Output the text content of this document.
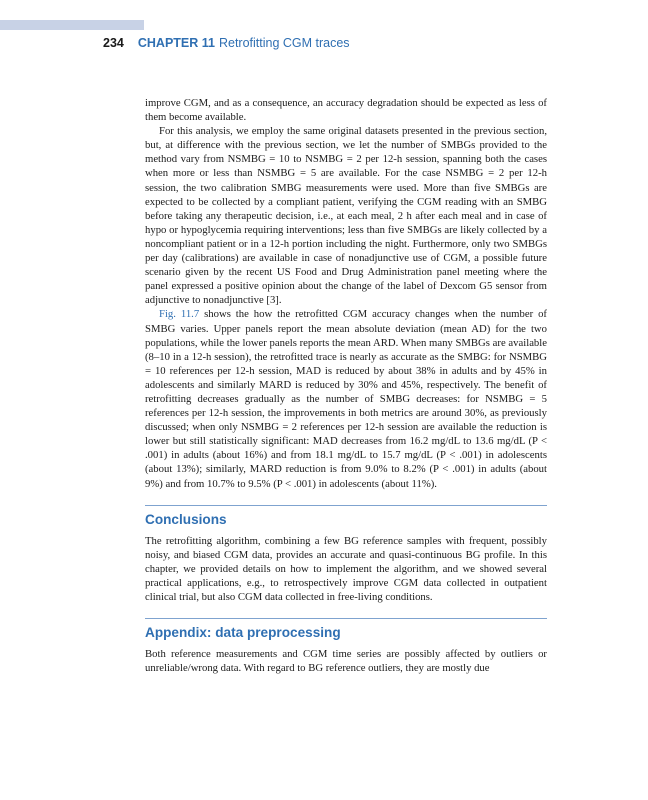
234 CHAPTER 11 Retrofitting CGM traces

improve CGM, and as a consequence, an accuracy degradation should be expected as less of them become available.

For this analysis, we employ the same original datasets presented in the previous section, but, at difference with the previous section, we let the number of SMBGs provided to the method vary from NSMBG = 10 to NSMBG = 2 per 12-h session, spanning both the cases when more or less than NSMBG = 5 are available. For the case NSMBG = 2 per 12-h session, the two calibration SMBG measurements were used. More than five SMBGs are expected to be collected by a compliant patient, verifying the CGM reading with an SMBG before taking any therapeutic decision, i.e., at each meal, 2 h after each meal and in case of hypo or hypoglycemia requiring interventions; less than five SMBGs are likely collected by a noncompliant patient or in a 12-h portion including the night. Furthermore, only two SMBGs per day (calibrations) are available in case of nonadjunctive use of CGM, a possible future scenario given by the recent US Food and Drug Administration panel meeting where the panel expressed a positive opinion about the change of the label of Dexcom G5 sensor from adjunctive to nonadjunctive [3].

Fig. 11.7 shows the how the retrofitted CGM accuracy changes when the number of SMBG varies. Upper panels report the mean absolute deviation (mean AD) for the two populations, while the lower panels reports the mean ARD. When many SMBGs are available (8–10 in a 12-h session), the retrofitted trace is nearly as accurate as the SMBG: for NSMBG = 10 references per 12-h session, MAD is reduced by about 38% in adults and by 45% in adolescents and similarly MARD is reduced by 30% and 45%, respectively. The benefit of retrofitting decreases gradually as the number of SMBG decreases: for NSMBG = 5 references per 12-h session, the improvements in both metrics are around 30%, as previously discussed; when only NSMBG = 2 references per 12-h session are available the reduction is lower but still statistically significant: MAD decreases from 16.2 mg/dL to 13.6 mg/dL (P < .001) in adults (about 16%) and from 18.1 mg/dL to 15.7 mg/dL (P < .001) in adolescents (about 13%); similarly, MARD reduction is from 9.0% to 8.2% (P < .001) in adults (about 9%) and from 10.7% to 9.5% (P < .001) in adolescents (about 11%).

Conclusions

The retrofitting algorithm, combining a few BG reference samples with frequent, possibly noisy, and biased CGM data, provides an accurate and quasi-continuous BG profile. In this chapter, we provided details on how to implement the algorithm, and we showed several practical applications, e.g., to retrospectively improve CGM data collected in outpatient clinical trial, but also CGM data collected in free-living conditions.

Appendix: data preprocessing

Both reference measurements and CGM time series are possibly affected by outliers or unreliable/wrong data. With regard to BG reference outliers, they are mostly due
